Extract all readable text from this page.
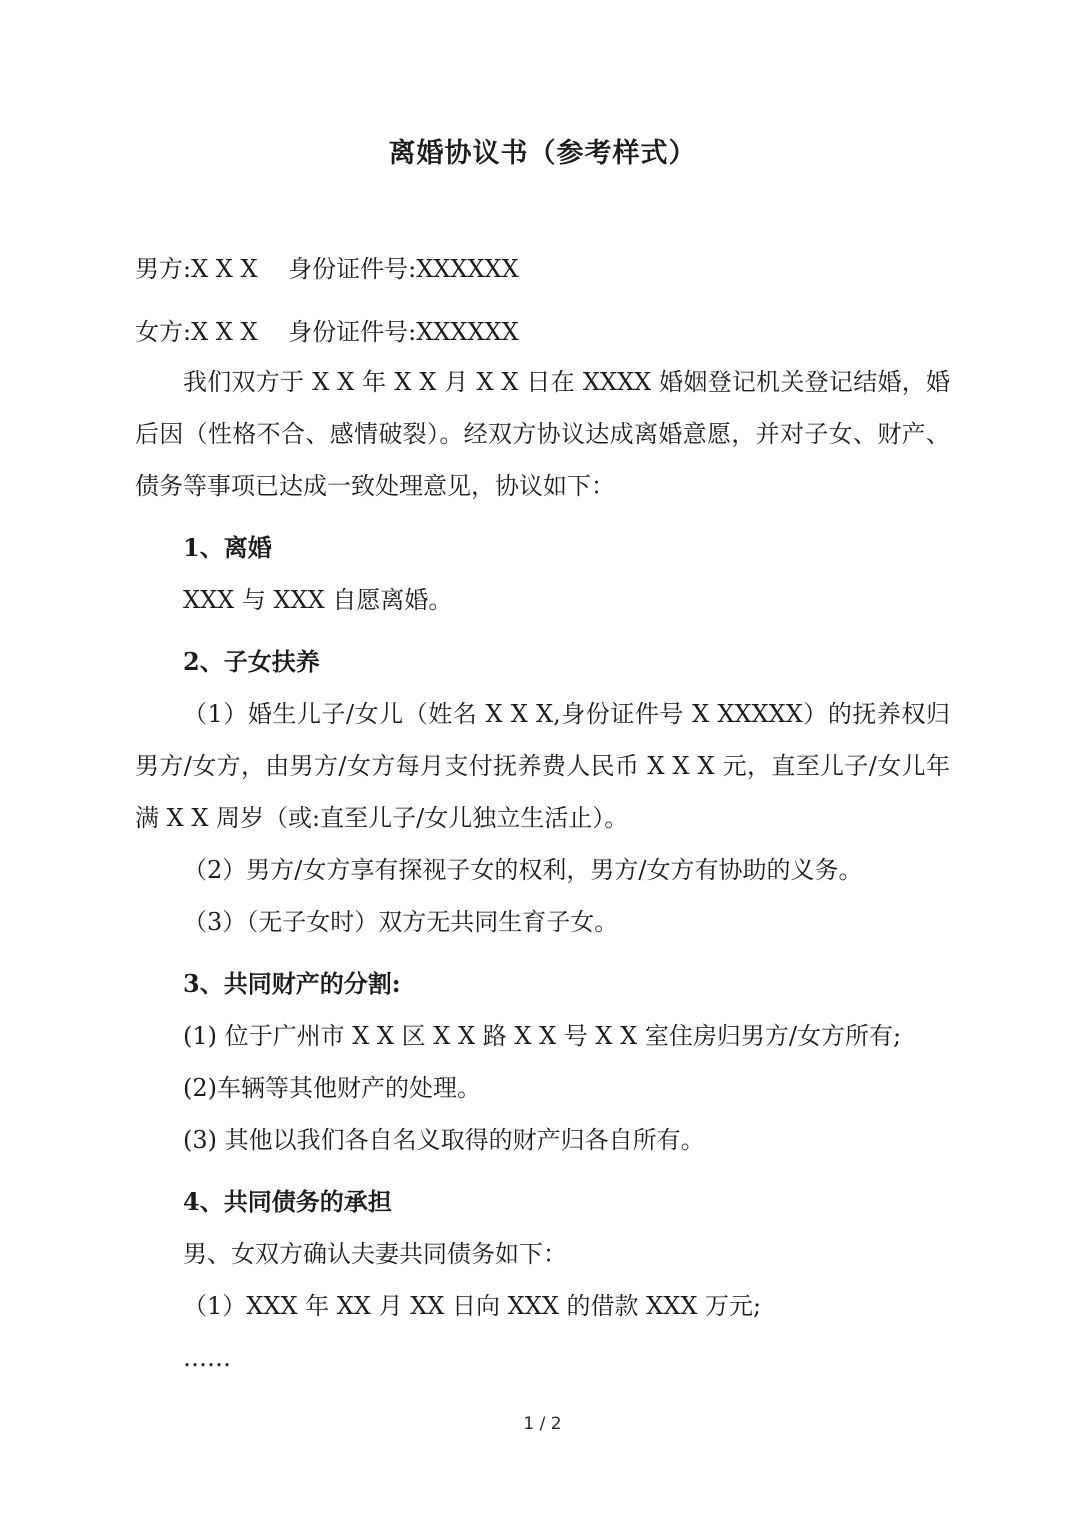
离婚协议书（参考样式）

男方:X X X    身份证件号:XXXXXX

女方:X X X    身份证件号:XXXXXX

我们双方于 X X 年 X X 月 X X 日在 XXXX 婚姻登记机关登记结婚，婚后因（性格不合、感情破裂）。经双方协议达成离婚意愿，并对子女、财产、债务等事项已达成一致处理意见，协议如下：

1、离婚

XXX 与 XXX 自愿离婚。

2、子女扶养

（1）婚生儿子/女儿（姓名 X X X,身份证件号 X XXXXX）的抚养权归男方/女方，由男方/女方每月支付抚养费人民币 X X X 元，直至儿子/女儿年满 X X 周岁（或:直至儿子/女儿独立生活止）。

（2）男方/女方享有探视子女的权利，男方/女方有协助的义务。

（3）（无子女时）双方无共同生育子女。

3、共同财产的分割:

(1) 位于广州市 X X 区 X X 路 X X 号 X X 室住房归男方/女方所有;

(2)车辆等其他财产的处理。

(3) 其他以我们各自名义取得的财产归各自所有。

4、共同债务的承担

男、女双方确认夫妻共同债务如下：

（1）XXX 年 XX 月 XX 日向 XXX 的借款 XXX 万元;

……

1 / 2
